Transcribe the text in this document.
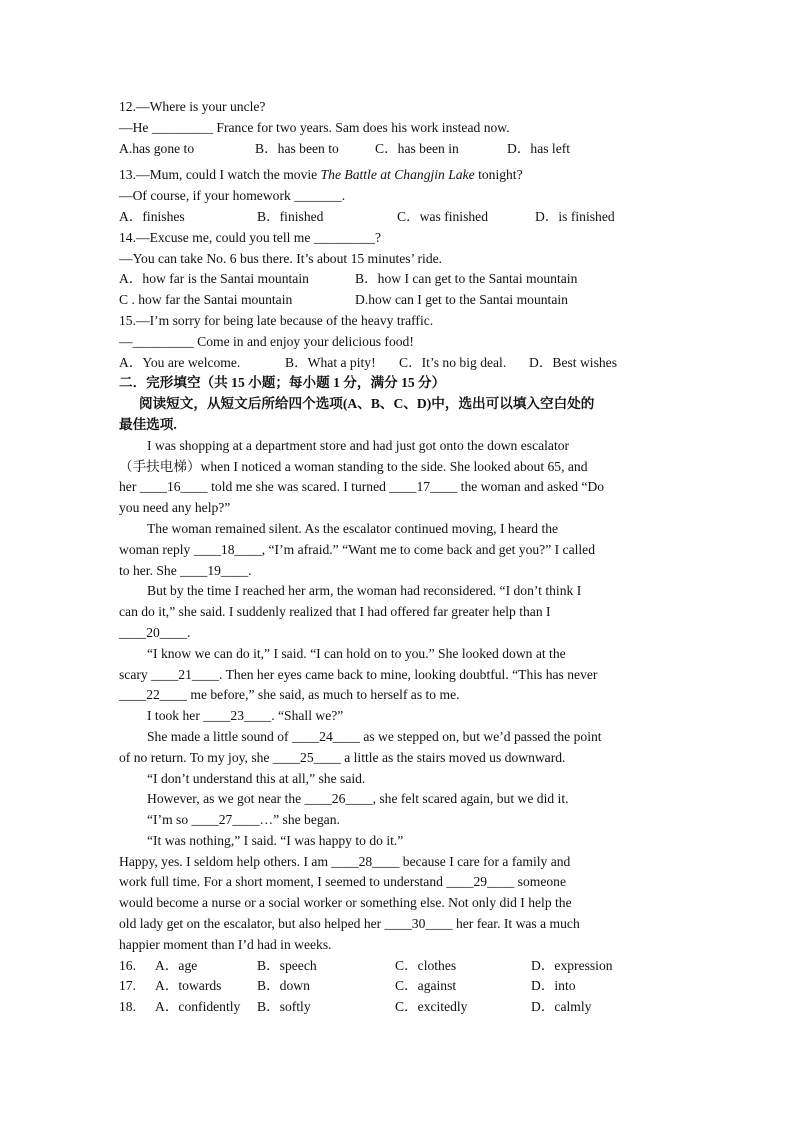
12.—Where is your uncle?
—He _________ France for two years. Sam does his work instead now.
A.has gone to	B．has been to	C．has been in	D．has left
13.—Mum, could I watch the movie The Battle at Changjin Lake tonight?
—Of course, if your homework _______.
A．finishes	B．finished	C．was finished	D．is finished
14.—Excuse me, could you tell me _________?
—You can take No. 6 bus there. It’s about 15 minutes’ ride.
A．how far is the Santai mountain	B．how I can get to the Santai mountain
C . how far the Santai mountain	D.how can I get to the Santai mountain
15.—I’m sorry for being late because of the heavy traffic.
—_________ Come in and enjoy your delicious food!
A．You are welcome.	B．What a pity!	C．It’s no big deal.	D．Best wishes
二．完形填空（共 15 小题；每小题 1 分，满分 15 分）
阅读短文，从短文后所给四个选项(A、B、C、D)中，选出可以填入空白处的
最佳选项.
I was shopping at a department store and had just got onto the down escalator
（手扶电梯）when I noticed a woman standing to the side. She looked about 65, and
her ____16____ told me she was scared. I turned ____17____ the woman and asked “Do
you need any help?”
The woman remained silent. As the escalator continued moving, I heard the
woman reply ____18____, “I’m afraid.” “Want me to come back and get you?” I called
to her. She ____19____.
But by the time I reached her arm, the woman had reconsidered. “I don’t think I
can do it,” she said. I suddenly realized that I had offered far greater help than I
____20____.
“I know we can do it,” I said. “I can hold on to you.” She looked down at the
scary ____21____. Then her eyes came back to mine, looking doubtful. “This has never
____22____ me before,” she said, as much to herself as to me.
I took her ____23____. “Shall we?”
She made a little sound of ____24____ as we stepped on, but we’d passed the point
of no return. To my joy, she ____25____ a little as the stairs moved us downward.
“I don’t understand this at all,” she said.
However, as we got near the ____26____, she felt scared again, but we did it.
“I’m so ____27____…” she began.
“It was nothing,” I said. “I was happy to do it.”
Happy, yes. I seldom help others. I am ____28____ because I care for a family and
work full time. For a short moment, I seemed to understand ____29____ someone
would become a nurse or a social worker or something else. Not only did I help the
old lady get on the escalator, but also helped her ____30____ her fear. It was a much
happier moment than I’d had in weeks.
16.	A．age	B．speech	C．clothes	D．expression
17.	A．towards	B．down	C．against	D．into
18.	A．confidently	B．softly	C．excitedly	D．calmly
